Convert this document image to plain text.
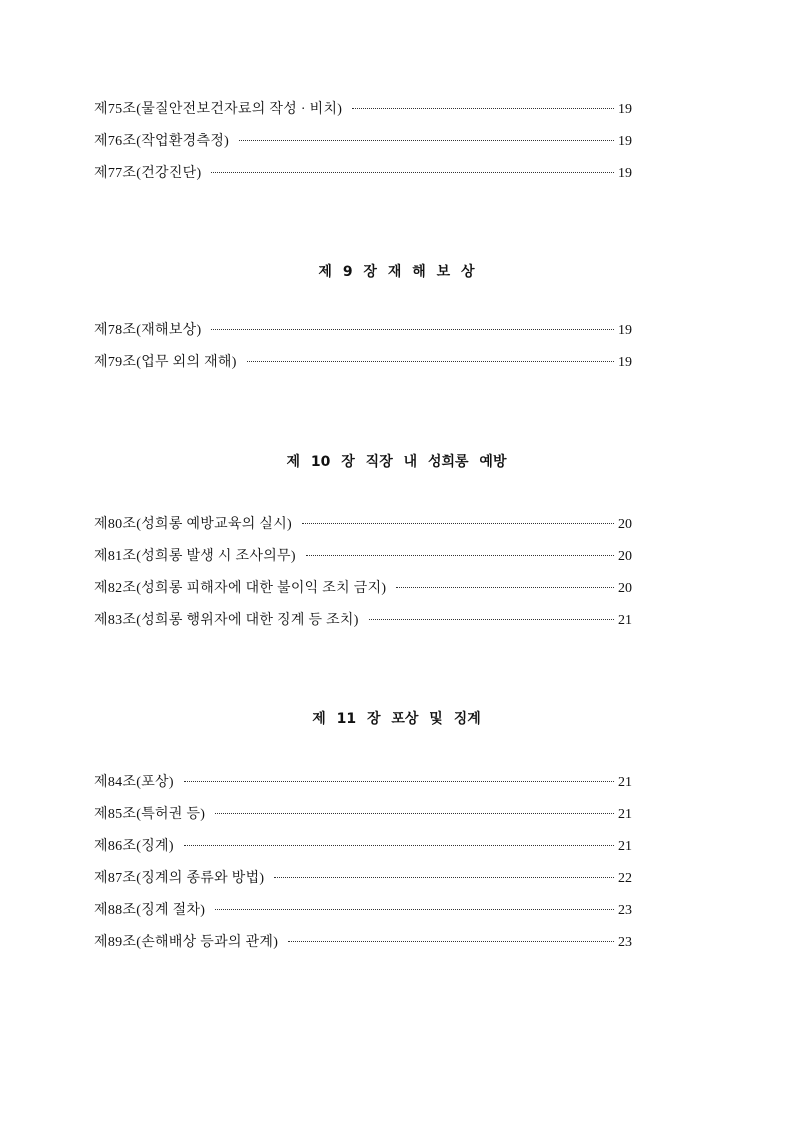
제75조(물질안전보건자료의 작성 · 비치)	19
제76조(작업환경측정)	19
제77조(건강진단)	19
제 9 장 재 해 보 상
제78조(재해보상)	19
제79조(업무 외의 재해)	19
제 10 장 직장 내 성희롱 예방
제80조(성희롱 예방교육의 실시)	20
제81조(성희롱 발생 시 조사의무)	20
제82조(성희롱 피해자에 대한 불이익 조치 금지)	20
제83조(성희롱 행위자에 대한 징계 등 조치)	21
제 11 장 포상 및 징계
제84조(포상)	21
제85조(특허권 등)	21
제86조(징계)	21
제87조(징계의 종류와 방법)	22
제88조(징계 절차)	23
제89조(손해배상 등과의 관계)	23
